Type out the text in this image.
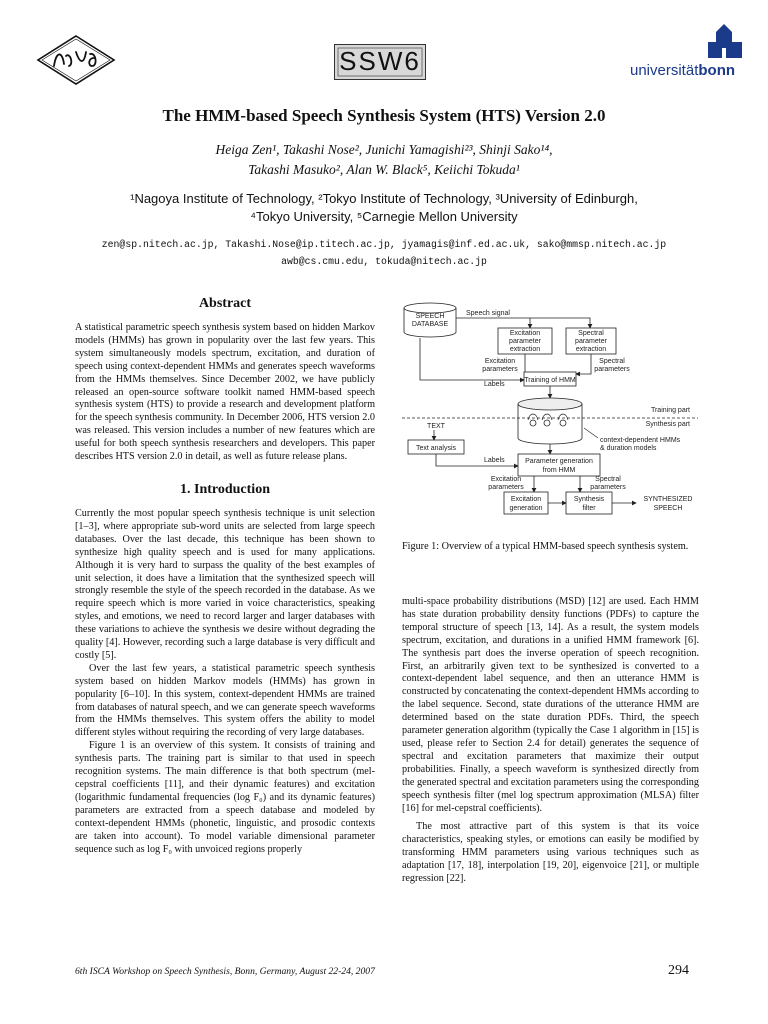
SSW6	universitätbonn
The HMM-based Speech Synthesis System (HTS) Version 2.0
Heiga Zen¹, Takashi Nose², Junichi Yamagishi²³, Shinji Sako¹⁴,
Takashi Masuko², Alan W. Black⁵, Keiichi Tokuda¹
¹Nagoya Institute of Technology, ²Tokyo Institute of Technology, ³University of Edinburgh,
⁴Tokyo University, ⁵Carnegie Mellon University
zen@sp.nitech.ac.jp, Takashi.Nose@ip.titech.ac.jp, jyamagis@inf.ed.ac.uk, sako@mmsp.nitech.ac.jp
awb@cs.cmu.edu, tokuda@nitech.ac.jp
Abstract

A statistical parametric speech synthesis system based on hidden Markov models (HMMs) has grown in popularity over the last few years. This system simultaneously models spectrum, excitation, and duration of speech using context-dependent HMMs and generates speech waveforms from the HMMs themselves. Since December 2002, we have publicly released an open-source software toolkit named HMM-based speech synthesis system (HTS) to provide a research and development platform for the speech synthesis community. In December 2006, HTS version 2.0 was released. This version includes a number of new features which are useful for both speech synthesis researchers and developers. This paper describes HTS version 2.0 in detail, as well as future release plans.

1. Introduction

Currently the most popular speech synthesis technique is unit selection [1–3], where appropriate sub-word units are selected from large speech databases. Over the last decade, this technique has been shown to synthesize high quality speech and is used for many applications. Although it is very hard to surpass the quality of the best examples of unit selection, it does have a limitation that the synthesized speech will strongly resemble the style of the speech recorded in the database. As we require speech which is more varied in voice characteristics, speaking styles, and emotions, we need to record larger and larger databases with these variations to achieve the synthesis we desire without degrading the quality [4]. However, recording such a large database is very difficult and costly [5].

Over the last few years, a statistical parametric speech synthesis system based on hidden Markov models (HMMs) has grown in popularity [6–10]. In this system, context-dependent HMMs are trained from databases of natural speech, and we can generate speech waveforms from the HMMs themselves. This system offers the ability to model different styles without requiring the recording of very large databases.

Figure 1 is an overview of this system. It consists of training and synthesis parts. The training part is similar to that used in speech recognition systems. The main difference is that both spectrum (mel-cepstral coefficients [11], and their dynamic features) and excitation (logarithmic fundamental frequencies (log F₀) and its dynamic features) parameters are extracted from a speech database and modeled by context-dependent HMMs (phonetic, linguistic, and prosodic contexts are taken into account). To model variable dimensional parameter sequence such as log F₀ with unvoiced regions properly

SPEECH
DATABASE
Speech signal
Excitation
parameter
extraction
Spectral
parameter
extraction
Excitation
parameters
Spectral
parameters
Labels
Training of HMM
Training part
Synthesis part
TEXT
Text analysis
context-dependent HMMs
& duration models
Labels	Parameter generation
from HMM
Excitation
parameters
Spectral
parameters
Excitation
generation
Synthesis
filter
SYNTHESIZED
SPEECH
Figure 1: Overview of a typical HMM-based speech synthesis system.

multi-space probability distributions (MSD) [12] are used. Each HMM has state duration probability density functions (PDFs) to capture the temporal structure of speech [13, 14]. As a result, the system models spectrum, excitation, and durations in a unified HMM framework [6]. The synthesis part does the inverse operation of speech recognition. First, an arbitrarily given text to be synthesized is converted to a context-dependent label sequence, and then an utterance HMM is constructed by concatenating the context-dependent HMMs according to the label sequence. Second, state durations of the utterance HMM are determined based on the state duration PDFs. Third, the speech parameter generation algorithm (typically the Case 1 algorithm in [15] is used, please refer to Section 2.4 for detail) generates the sequence of spectral and excitation parameters that maximize their output probabilities. Finally, a speech waveform is synthesized directly from the generated spectral and excitation parameters using the corresponding speech synthesis filter (mel log spectrum approximation (MLSA) filter [16] for mel-cepstral coefficients).

The most attractive part of this system is that its voice characteristics, speaking styles, or emotions can easily be modified by transforming HMM parameters using various techniques such as adaptation [17, 18], interpolation [19, 20], eigenvoice [21], or multiple regression [22].

6th ISCA Workshop on Speech Synthesis, Bonn, Germany, August 22-24, 2007	294
